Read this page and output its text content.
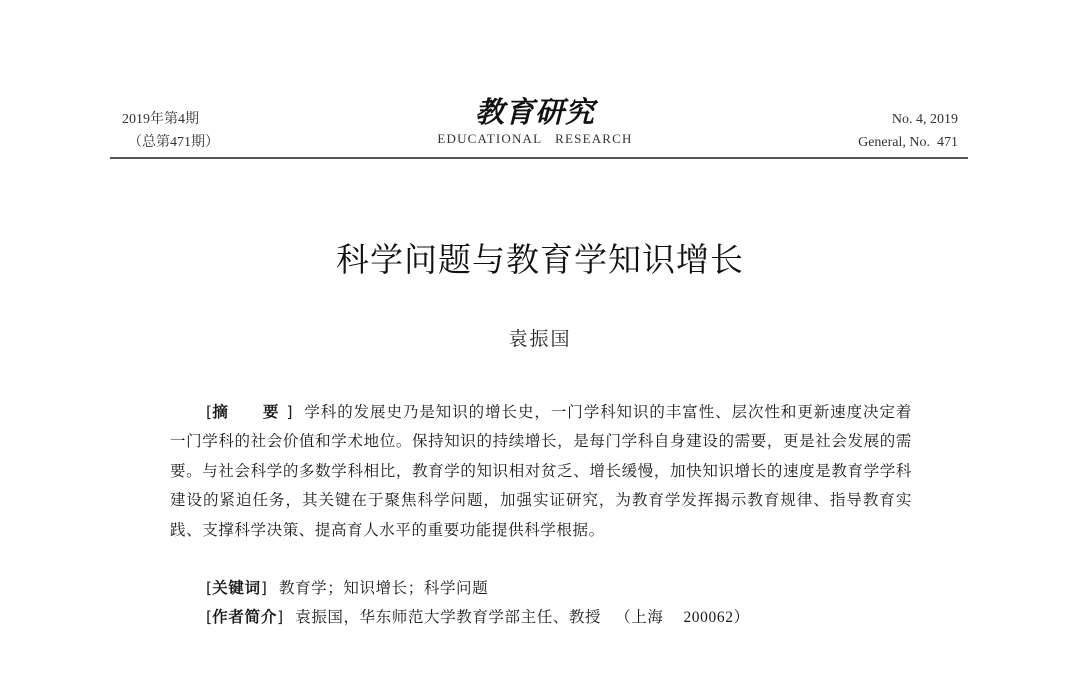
2019年第4期
（总第471期）
教育研究
EDUCATIONAL   RESEARCH
No. 4, 2019
General, No.  471
科学问题与教育学知识增长
袁振国
[摘  要] 学科的发展史乃是知识的增长史，一门学科知识的丰富性、层次性和更新速度决定着一门学科的社会价值和学术地位。保持知识的持续增长，是每门学科自身建设的需要，更是社会发展的需要。与社会科学的多数学科相比，教育学的知识相对贫乏、增长缓慢，加快知识增长的速度是教育学学科建设的紧迫任务，其关键在于聚焦科学问题，加强实证研究，为教育学发挥揭示教育规律、指导教育实践、支撑科学决策、提高育人水平的重要功能提供科学根据。
[关键词] 教育学；知识增长；科学问题
[作者简介] 袁振国，华东师范大学教育学部主任、教授 （上海 200062）
